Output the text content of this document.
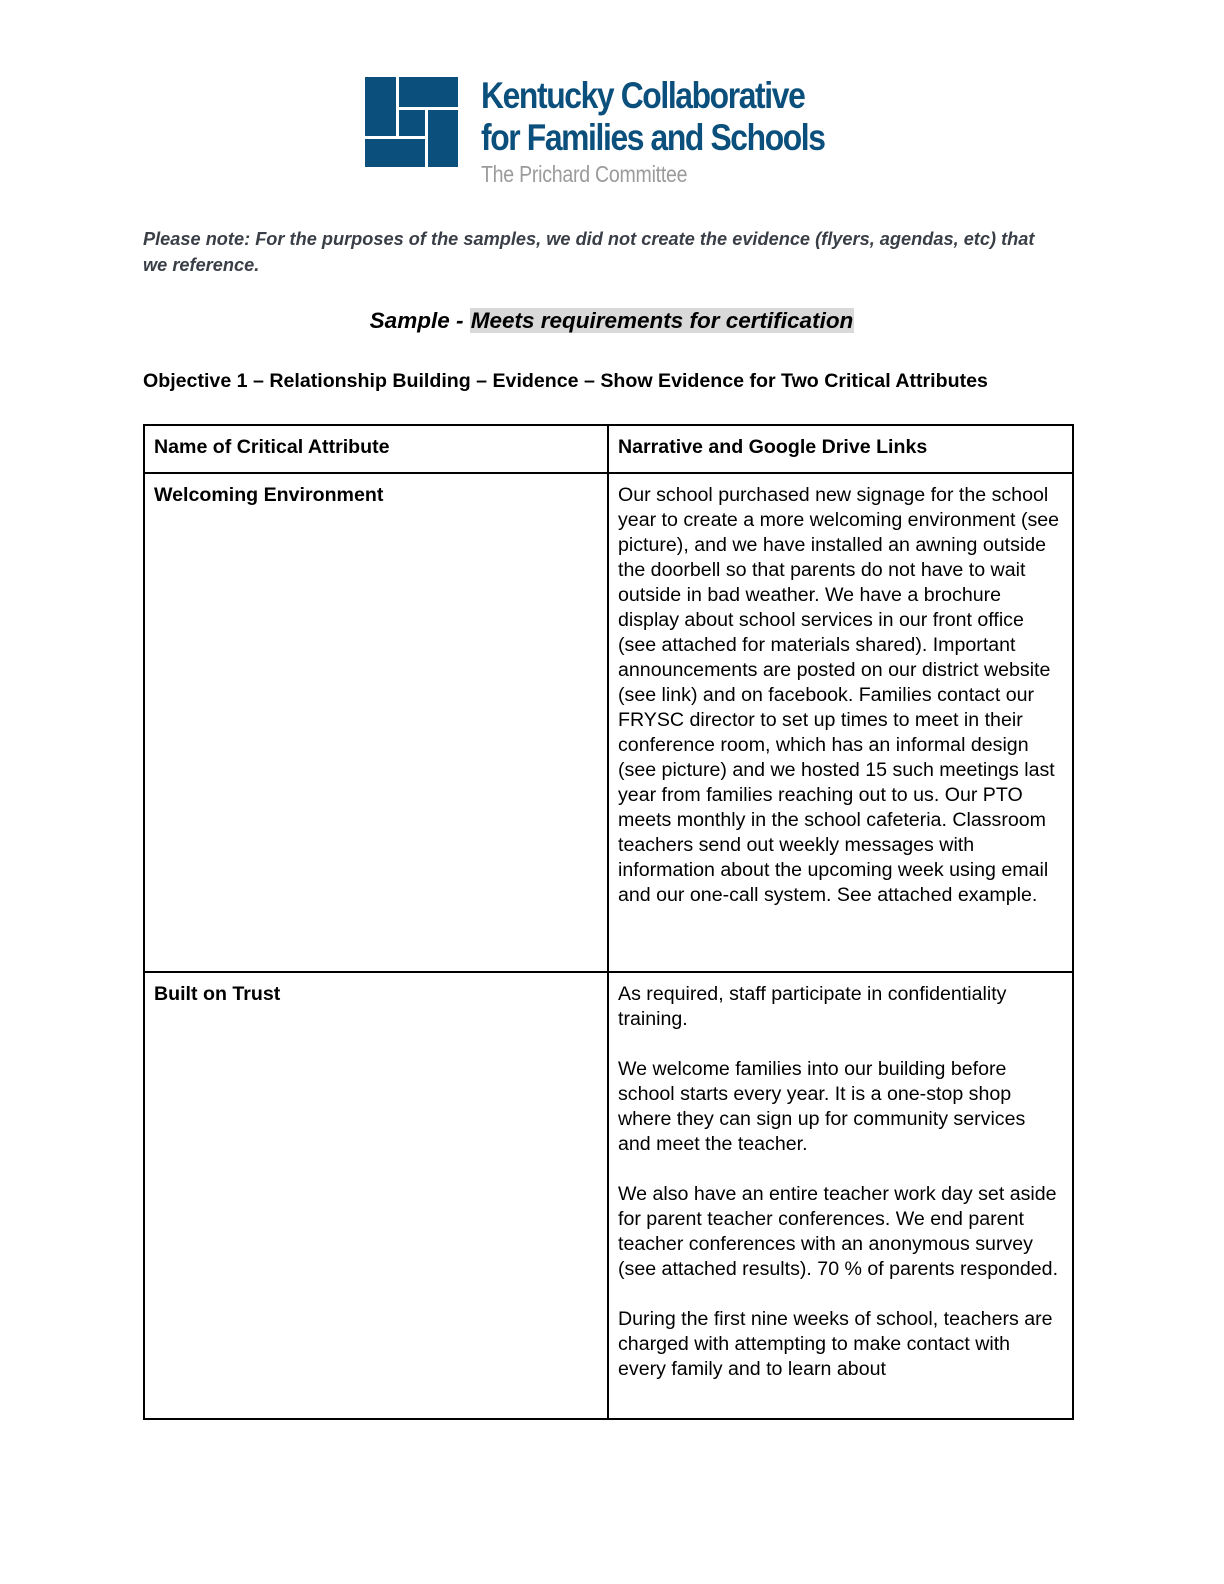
Kentucky Collaborative
for Families and Schools
The Prichard Committee
Please note: For the purposes of the samples, we did not create the evidence (flyers, agendas, etc) that we reference.
Sample - Meets requirements for certification
Objective 1 – Relationship Building – Evidence – Show Evidence for Two Critical Attributes
Name of Critical Attribute	Narrative and Google Drive Links
Welcoming Environment	Our school purchased new signage for the school year to create a more welcoming environment (see picture), and we have installed an awning outside the doorbell so that parents do not have to wait outside in bad weather. We have a brochure display about school services in our front office (see attached for materials shared). Important announcements are posted on our district website (see link) and on facebook. Families contact our FRYSC director to set up times to meet in their conference room, which has an informal design (see picture) and we hosted 15 such meetings last year from families reaching out to us. Our PTO meets monthly in the school cafeteria. Classroom teachers send out weekly messages with information about the upcoming week using email and our one-call system. See attached example.

Built on Trust	As required, staff participate in confidentiality training.

We welcome families into our building before school starts every year. It is a one-stop shop where they can sign up for community services and meet the teacher.

We also have an entire teacher work day set aside for parent teacher conferences. We end parent teacher conferences with an anonymous survey (see attached results). 70 % of parents responded.

During the first nine weeks of school, teachers are charged with attempting to make contact with every family and to learn about
